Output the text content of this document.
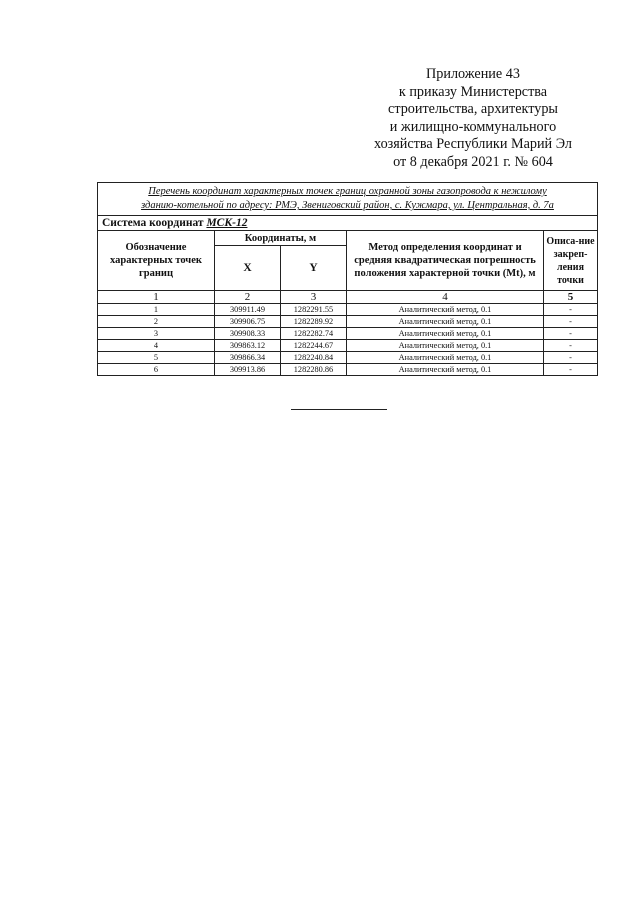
Приложение 43
к приказу Министерства
строительства, архитектуры
и жилищно-коммунального
хозяйства Республики Марий Эл
от 8 декабря 2021 г. № 604
Перечень координат характерных точек границ охранной зоны газопровода к нежилому
зданию-котельной по адресу: РМЭ, Звениговский район, с. Кужмара, ул. Центральная, д. 7а				

Система координат МСК-12				
Обозначение характерных точек границ	Координаты, м		Метод определения координат и средняя квадратическая погрешность положения характерной точки (Mt), м	Описа-ние закреп-ления точки
	X	Y		
1	2	3	4	5
1	309911.49	1282291.55	Аналитический метод, 0.1	-
2	309906.75	1282289.92	Аналитический метод, 0.1	-
3	309908.33	1282282.74	Аналитический метод, 0.1	-
4	309863.12	1282244.67	Аналитический метод, 0.1	-
5	309866.34	1282240.84	Аналитический метод, 0.1	-
6	309913.86	1282280.86	Аналитический метод, 0.1	-
